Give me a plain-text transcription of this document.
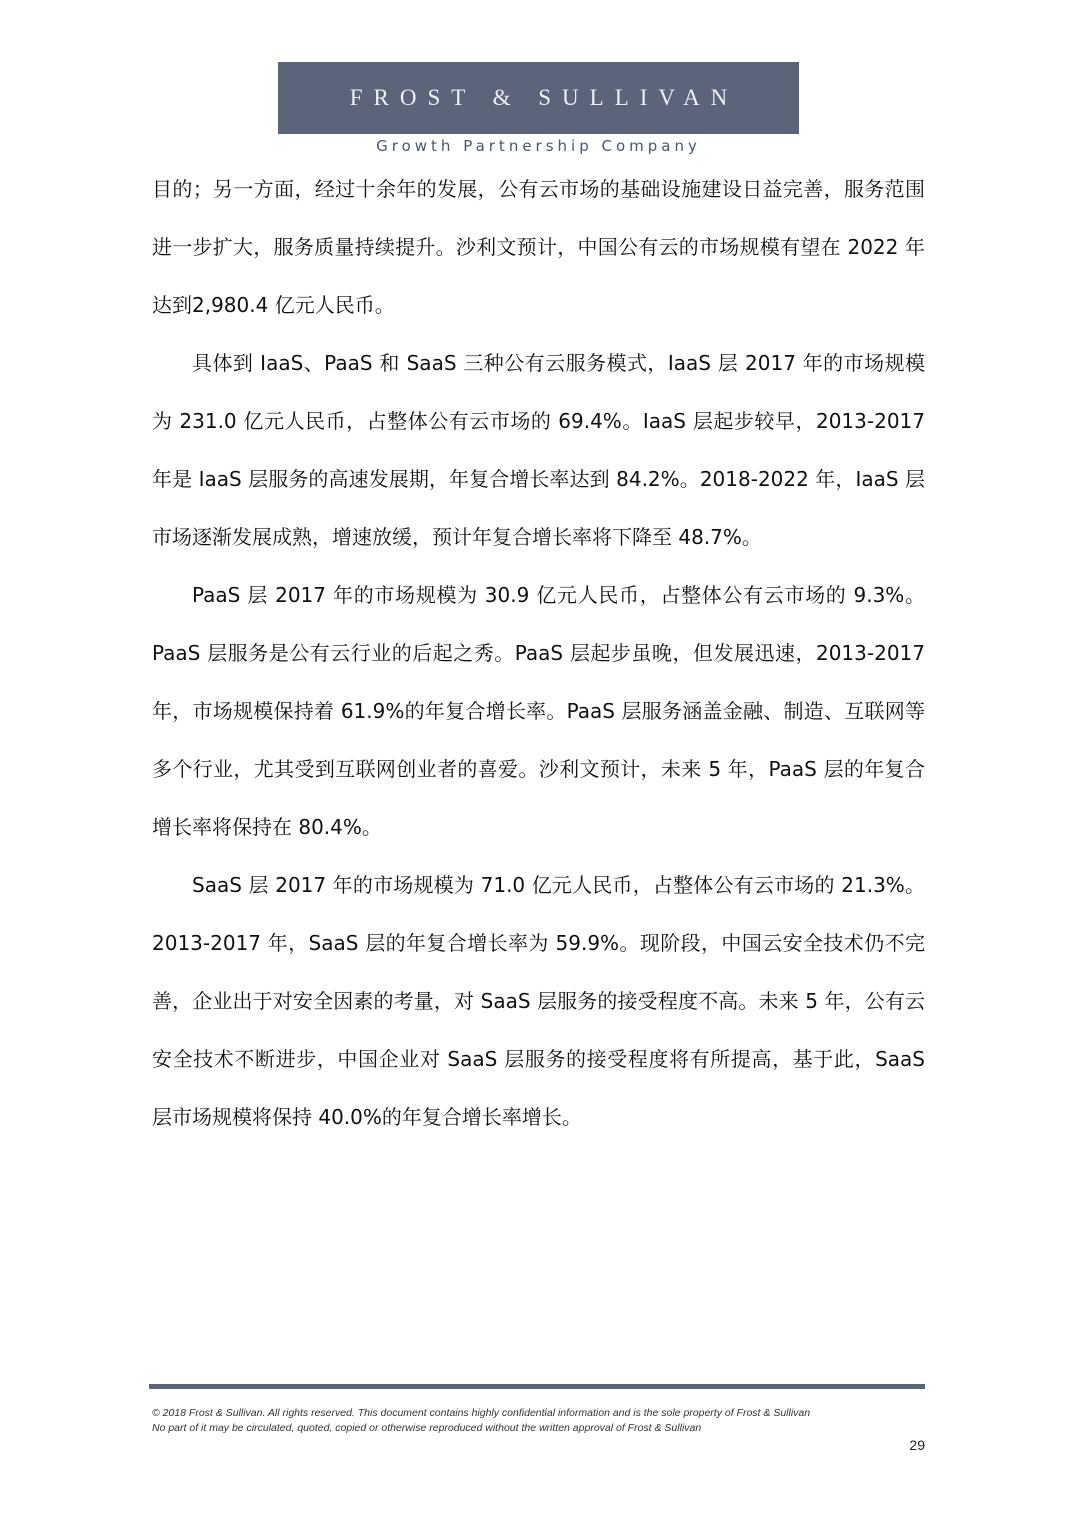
FROST & SULLIVAN
Growth Partnership Company

目的；另一方面，经过十余年的发展，公有云市场的基础设施建设日益完善，服务范围进一步扩大，服务质量持续提升。沙利文预计，中国公有云的市场规模有望在 2022 年达到2,980.4 亿元人民币。

具体到 IaaS、PaaS 和 SaaS 三种公有云服务模式，IaaS 层 2017 年的市场规模为 231.0 亿元人民币，占整体公有云市场的 69.4%。IaaS 层起步较早，2013-2017 年是 IaaS 层服务的高速发展期，年复合增长率达到 84.2%。2018-2022 年，IaaS 层市场逐渐发展成熟，增速放缓，预计年复合增长率将下降至 48.7%。

PaaS 层 2017 年的市场规模为 30.9 亿元人民币，占整体公有云市场的 9.3%。PaaS 层服务是公有云行业的后起之秀。PaaS 层起步虽晚，但发展迅速，2013-2017 年，市场规模保持着 61.9%的年复合增长率。PaaS 层服务涵盖金融、制造、互联网等多个行业，尤其受到互联网创业者的喜爱。沙利文预计，未来 5 年，PaaS 层的年复合增长率将保持在 80.4%。

SaaS 层 2017 年的市场规模为 71.0 亿元人民币，占整体公有云市场的 21.3%。2013-2017 年，SaaS 层的年复合增长率为 59.9%。现阶段，中国云安全技术仍不完善，企业出于对安全因素的考量，对 SaaS 层服务的接受程度不高。未来 5 年，公有云安全技术不断进步，中国企业对 SaaS 层服务的接受程度将有所提高，基于此，SaaS 层市场规模将保持 40.0%的年复合增长率增长。

© 2018 Frost & Sullivan. All rights reserved. This document contains highly confidential information and is the sole property of Frost & Sullivan
No part of it may be circulated, quoted, copied or otherwise reproduced without the written approval of Frost & Sullivan
29
